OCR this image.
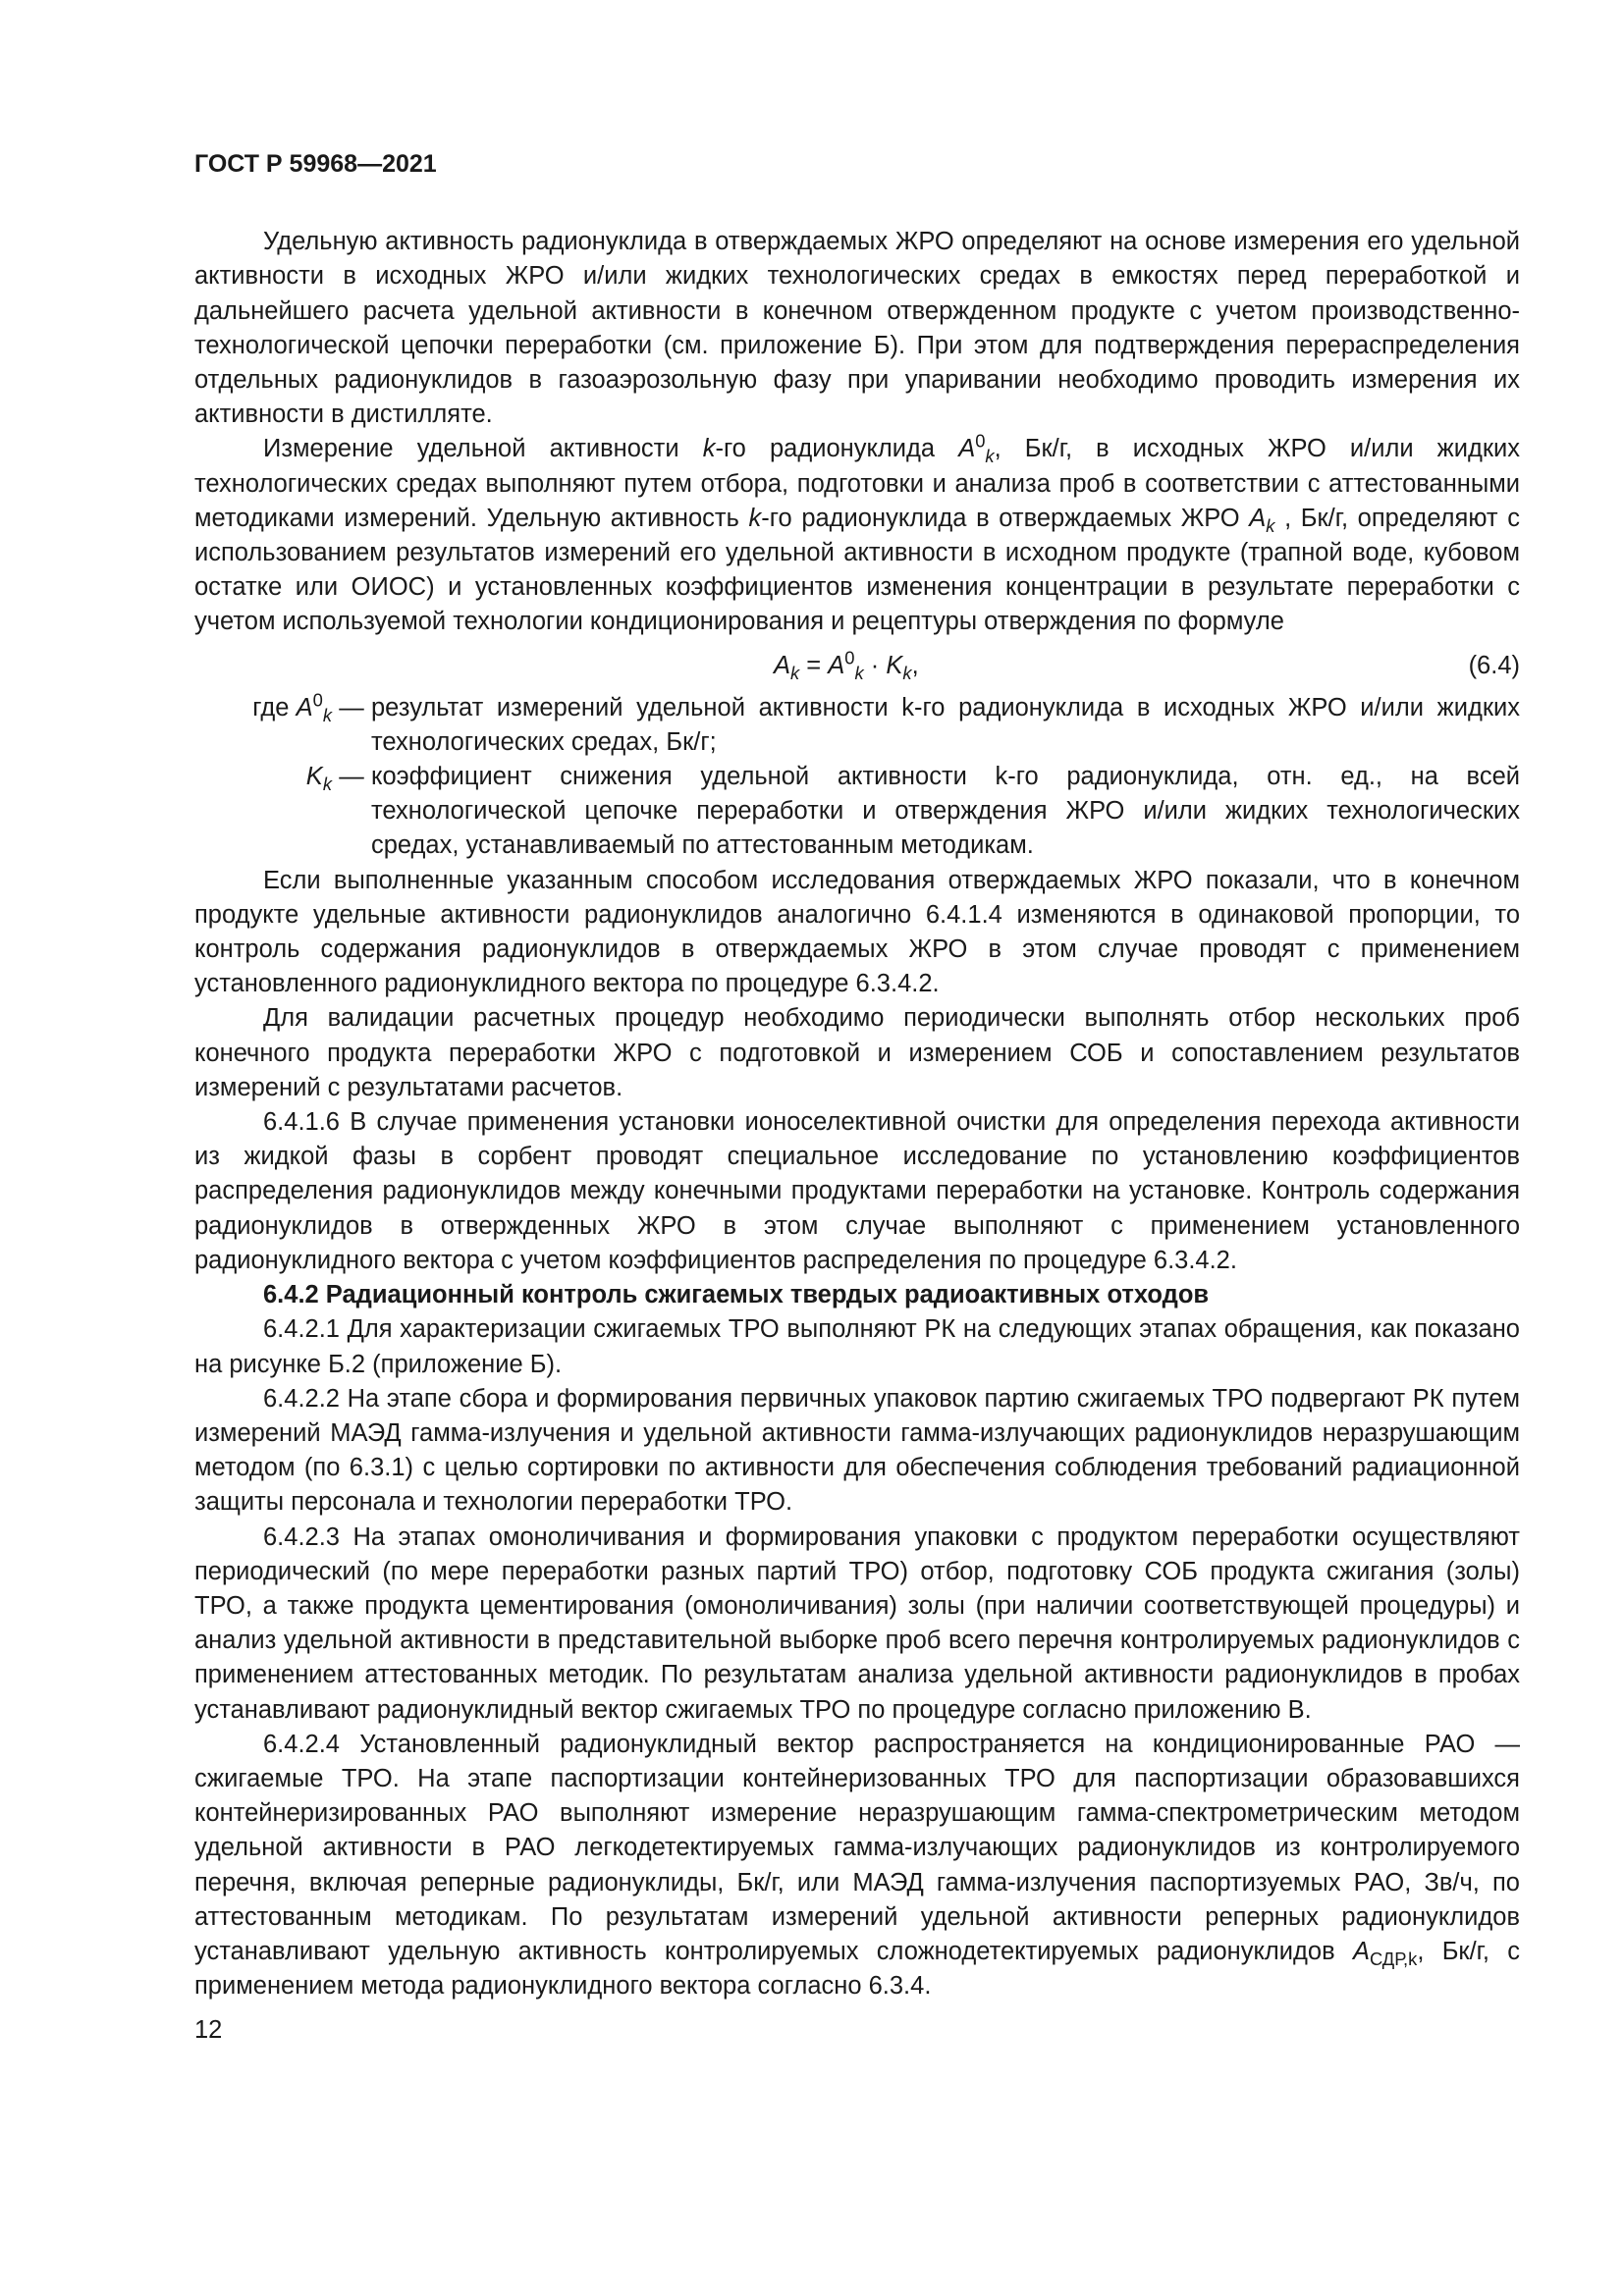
ГОСТ Р 59968—2021

Удельную активность радионуклида в отверждаемых ЖРО определяют на основе измерения его удельной активности в исходных ЖРО и/или жидких технологических средах в емкостях перед переработкой и дальнейшего расчета удельной активности в конечном отвержденном продукте с учетом производственно-технологической цепочки переработки (см. приложение Б). При этом для подтверждения перераспределения отдельных радионуклидов в газоаэрозольную фазу при упаривании необходимо проводить измерения их активности в дистилляте.

Измерение удельной активности k-го радионуклида $A^0_k$, Бк/г, в исходных ЖРО и/или жидких технологических средах выполняют путем отбора, подготовки и анализа проб в соответствии с аттестованными методиками измерений. Удельную активность k-го радионуклида в отверждаемых ЖРО $A_k$ , Бк/г, определяют с использованием результатов измерений его удельной активности в исходном продукте (трапной воде, кубовом остатке или ОИОС) и установленных коэффициентов изменения концентрации в результате переработки с учетом используемой технологии кондиционирования и рецептуры отверждения по формуле

$A_k = A^0_k \cdot K_k$,	(6.4)
где $A^0_k$ — результат измерений удельной активности k-го радионуклида в исходных ЖРО и/или жидких технологических средах, Бк/г;
$K_k$ — коэффициент снижения удельной активности k-го радионуклида, отн. ед., на всей технологической цепочке переработки и отверждения ЖРО и/или жидких технологических средах, устанавливаемый по аттестованным методикам.

Если выполненные указанным способом исследования отверждаемых ЖРО показали, что в конечном продукте удельные активности радионуклидов аналогично 6.4.1.4 изменяются в одинаковой пропорции, то контроль содержания радионуклидов в отверждаемых ЖРО в этом случае проводят с применением установленного радионуклидного вектора по процедуре 6.3.4.2.

Для валидации расчетных процедур необходимо периодически выполнять отбор нескольких проб конечного продукта переработки ЖРО с подготовкой и измерением СОБ и сопоставлением результатов измерений с результатами расчетов.

6.4.1.6 В случае применения установки ионоселективной очистки для определения перехода активности из жидкой фазы в сорбент проводят специальное исследование по установлению коэффициентов распределения радионуклидов между конечными продуктами переработки на установке. Контроль содержания радионуклидов в отвержденных ЖРО в этом случае выполняют с применением установленного радионуклидного вектора с учетом коэффициентов распределения по процедуре 6.3.4.2.

6.4.2 Радиационный контроль сжигаемых твердых радиоактивных отходов

6.4.2.1 Для характеризации сжигаемых ТРО выполняют РК на следующих этапах обращения, как показано на рисунке Б.2 (приложение Б).

6.4.2.2 На этапе сбора и формирования первичных упаковок партию сжигаемых ТРО подвергают РК путем измерений МАЭД гамма-излучения и удельной активности гамма-излучающих радионуклидов неразрушающим методом (по 6.3.1) с целью сортировки по активности для обеспечения соблюдения требований радиационной защиты персонала и технологии переработки ТРО.

6.4.2.3 На этапах омоноличивания и формирования упаковки с продуктом переработки осуществляют периодический (по мере переработки разных партий ТРО) отбор, подготовку СОБ продукта сжигания (золы) ТРО, а также продукта цементирования (омоноличивания) золы (при наличии соответствующей процедуры) и анализ удельной активности в представительной выборке проб всего перечня контролируемых радионуклидов с применением аттестованных методик. По результатам анализа удельной активности радионуклидов в пробах устанавливают радионуклидный вектор сжигаемых ТРО по процедуре согласно приложению В.

6.4.2.4 Установленный радионуклидный вектор распространяется на кондиционированные РАО — сжигаемые ТРО. На этапе паспортизации контейнеризованных ТРО для паспортизации образовавшихся контейнеризированных РАО выполняют измерение неразрушающим гамма-спектрометрическим методом удельной активности в РАО легкодетектируемых гамма-излучающих радионуклидов из контролируемого перечня, включая реперные радионуклиды, Бк/г, или МАЭД гамма-излучения паспортизуемых РАО, Зв/ч, по аттестованным методикам. По результатам измерений удельной активности реперных радионуклидов устанавливают удельную активность контролируемых сложнодетектируемых радионуклидов $A_{СДР,k}$, Бк/г, с применением метода радионуклидного вектора согласно 6.3.4.

12
